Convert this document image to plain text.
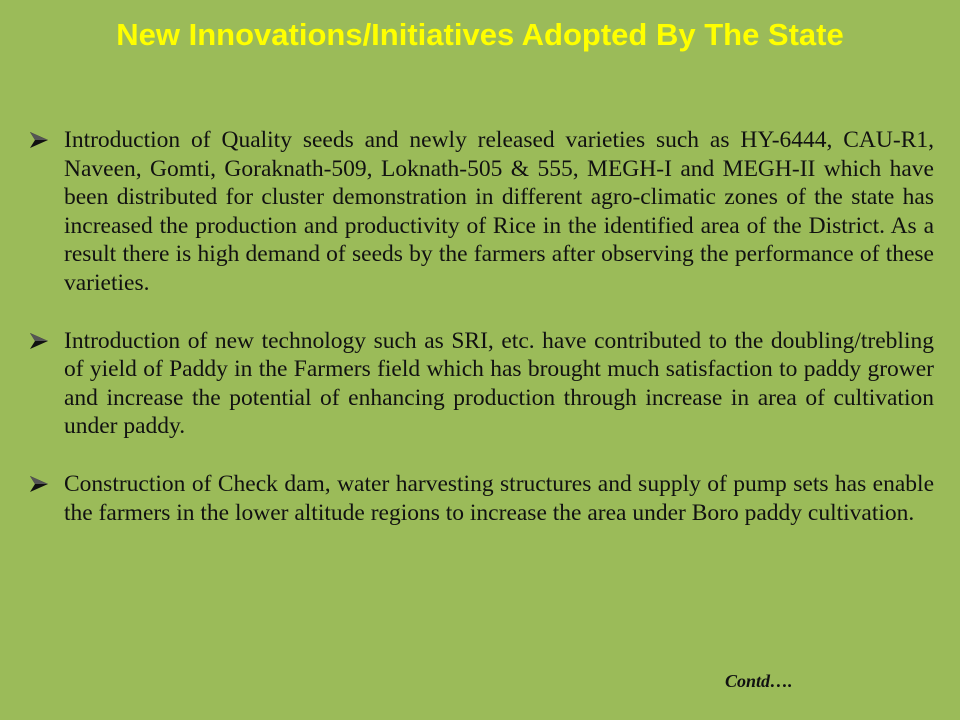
New Innovations/Initiatives Adopted By The State
Introduction of Quality seeds and newly released varieties such as HY-6444, CAU-R1, Naveen, Gomti, Goraknath-509, Loknath-505 & 555, MEGH-I and MEGH-II which have been distributed for cluster demonstration in different agro-climatic zones of the state has increased the production and productivity of Rice in the identified area of the District. As a result there is high demand of seeds by the farmers after observing the performance of these varieties.
Introduction of new technology such as SRI, etc. have contributed to the doubling/trebling of yield of Paddy in the Farmers field which has brought much satisfaction to paddy grower and increase the potential of enhancing production through increase in area of cultivation under paddy.
Construction of Check dam, water harvesting structures and supply of pump sets has enable the farmers in the lower altitude regions to increase the area under Boro paddy cultivation.
Contd….
